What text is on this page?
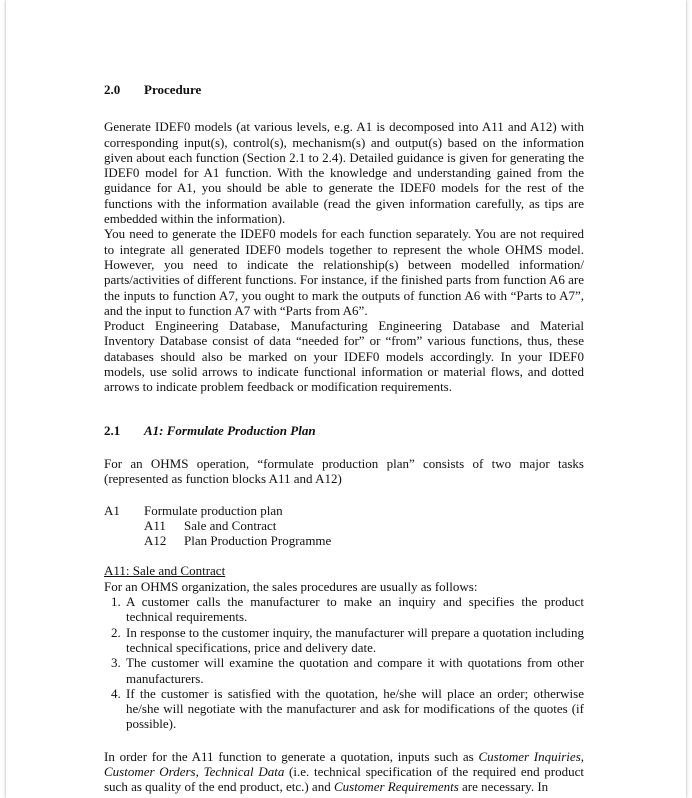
2.0 Procedure

Generate IDEF0 models (at various levels, e.g. A1 is decomposed into A11 and A12) with corresponding input(s), control(s), mechanism(s) and output(s) based on the information given about each function (Section 2.1 to 2.4). Detailed guidance is given for generating the IDEF0 model for A1 function. With the knowledge and understanding gained from the guidance for A1, you should be able to generate the IDEF0 models for the rest of the functions with the information available (read the given information carefully, as tips are embedded within the information).

You need to generate the IDEF0 models for each function separately. You are not required to integrate all generated IDEF0 models together to represent the whole OHMS model. However, you need to indicate the relationship(s) between modelled information/ parts/activities of different functions. For instance, if the finished parts from function A6 are the inputs to function A7, you ought to mark the outputs of function A6 with “Parts to A7”, and the input to function A7 with “Parts from A6”.

Product Engineering Database, Manufacturing Engineering Database and Material Inventory Database consist of data “needed for” or “from” various functions, thus, these databases should also be marked on your IDEF0 models accordingly. In your IDEF0 models, use solid arrows to indicate functional information or material flows, and dotted arrows to indicate problem feedback or modification requirements.

2.1 A1: Formulate Production Plan

For an OHMS operation, “formulate production plan” consists of two major tasks (represented as function blocks A11 and A12)

A1	Formulate production plan
A11	Sale and Contract
A12	Plan Production Programme
A11: Sale and Contract
For an OHMS organization, the sales procedures are usually as follows:
1. A customer calls the manufacturer to make an inquiry and specifies the product technical requirements.
2. In response to the customer inquiry, the manufacturer will prepare a quotation including technical specifications, price and delivery date.
3. The customer will examine the quotation and compare it with quotations from other manufacturers.
4. If the customer is satisfied with the quotation, he/she will place an order; otherwise he/she will negotiate with the manufacturer and ask for modifications of the quotes (if possible).

In order for the A11 function to generate a quotation, inputs such as Customer Inquiries, Customer Orders, Technical Data (i.e. technical specification of the required end product such as quality of the end product, etc.) and Customer Requirements are necessary. In
